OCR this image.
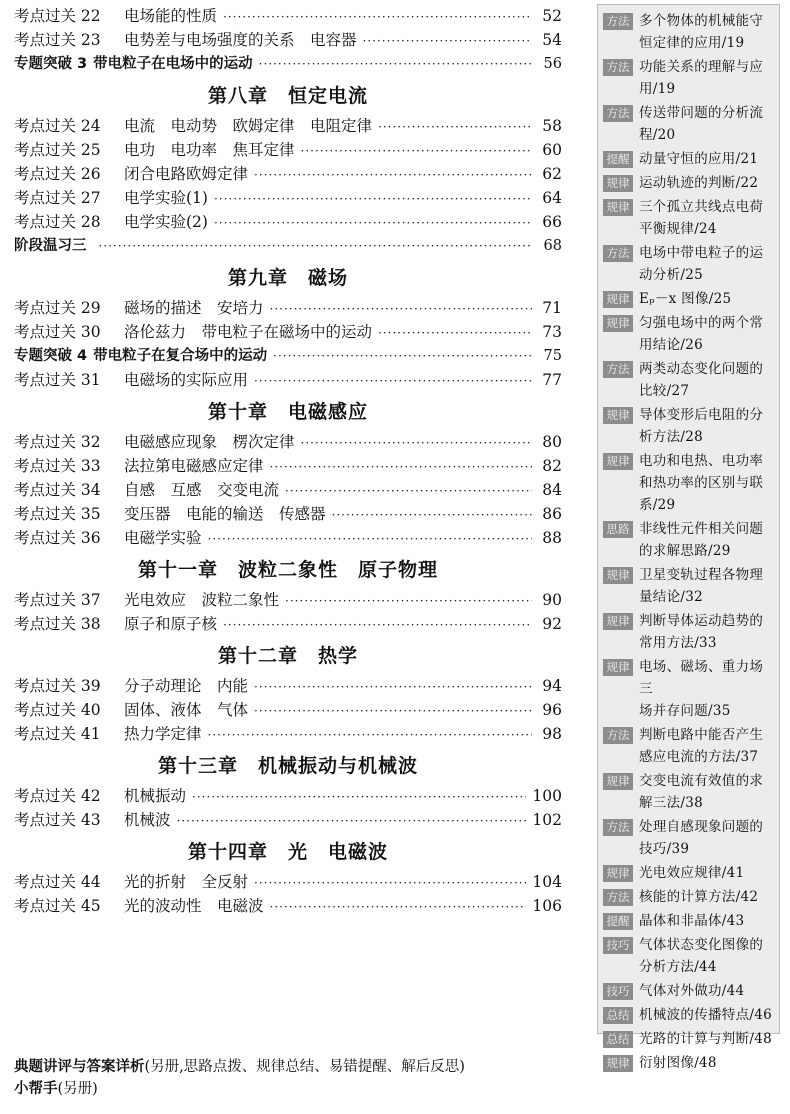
考点过关 22	电场能的性质 ·····	52
考点过关 23	电势差与电场强度的关系　电容器 ·····	54
专题突破 3 带电粒子在电场中的运动 ·····	56
第八章　恒定电流
考点过关 24	电流　电动势　欧姆定律　电阻定律 ·····	58
考点过关 25	电功　电功率　焦耳定律 ·····	60
考点过关 26	闭合电路欧姆定律 ·····	62
考点过关 27	电学实验(1) ·····	64
考点过关 28	电学实验(2) ·····	66
阶段温习三 ·····	68
第九章　磁场
考点过关 29	磁场的描述　安培力 ·····	71
考点过关 30	洛伦兹力　带电粒子在磁场中的运动 ·····	73
专题突破 4 带电粒子在复合场中的运动 ·····	75
考点过关 31	电磁场的实际应用 ·····	77
第十章　电磁感应
考点过关 32	电磁感应现象　楞次定律 ·····	80
考点过关 33	法拉第电磁感应定律 ·····	82
考点过关 34	自感　互感　交变电流 ·····	84
考点过关 35	变压器　电能的输送　传感器 ·····	86
考点过关 36	电磁学实验 ·····	88
第十一章　波粒二象性　原子物理
考点过关 37	光电效应　波粒二象性 ·····	90
考点过关 38	原子和原子核 ·····	92
第十二章　热学
考点过关 39	分子动理论　内能 ·····	94
考点过关 40	固体、液体　气体 ·····	96
考点过关 41	热力学定律 ·····	98
第十三章　机械振动与机械波
考点过关 42	机械振动 ·····	100
考点过关 43	机械波 ·····	102
第十四章　光　电磁波
考点过关 44	光的折射　全反射 ·····	104
考点过关 45	光的波动性　电磁波 ·····	106
方法 多个物体的机械能守
恒定律的应用/19
方法 功能关系的理解与应
用/19
方法 传送带问题的分析流
程/20
提醒 动量守恒的应用/21
规律 运动轨迹的判断/22
规律 三个孤立共线点电荷
平衡规律/24
方法 电场中带电粒子的运
动分析/25
规律 Eₚ－x 图像/25
规律 匀强电场中的两个常
用结论/26
方法 两类动态变化问题的
比较/27
规律 导体变形后电阻的分
析方法/28
规律 电功和电热、电功率
和热功率的区别与联
系/29
思路 非线性元件相关问题
的求解思路/29
规律 卫星变轨过程各物理
量结论/32
规律 判断导体运动趋势的
常用方法/33
规律 电场、磁场、重力场三
场并存问题/35
方法 判断电路中能否产生
感应电流的方法/37
规律 交变电流有效值的求
解三法/38
方法 处理自感现象问题的
技巧/39
规律 光电效应规律/41
方法 核能的计算方法/42
提醒 晶体和非晶体/43
技巧 气体状态变化图像的
分析方法/44
技巧 气体对外做功/44
总结 机械波的传播特点/46
总结 光路的计算与判断/48
规律 衍射图像/48
典题讲评与答案详析(另册,思路点拨、规律总结、易错提醒、解后反思)
小帮手(另册)
